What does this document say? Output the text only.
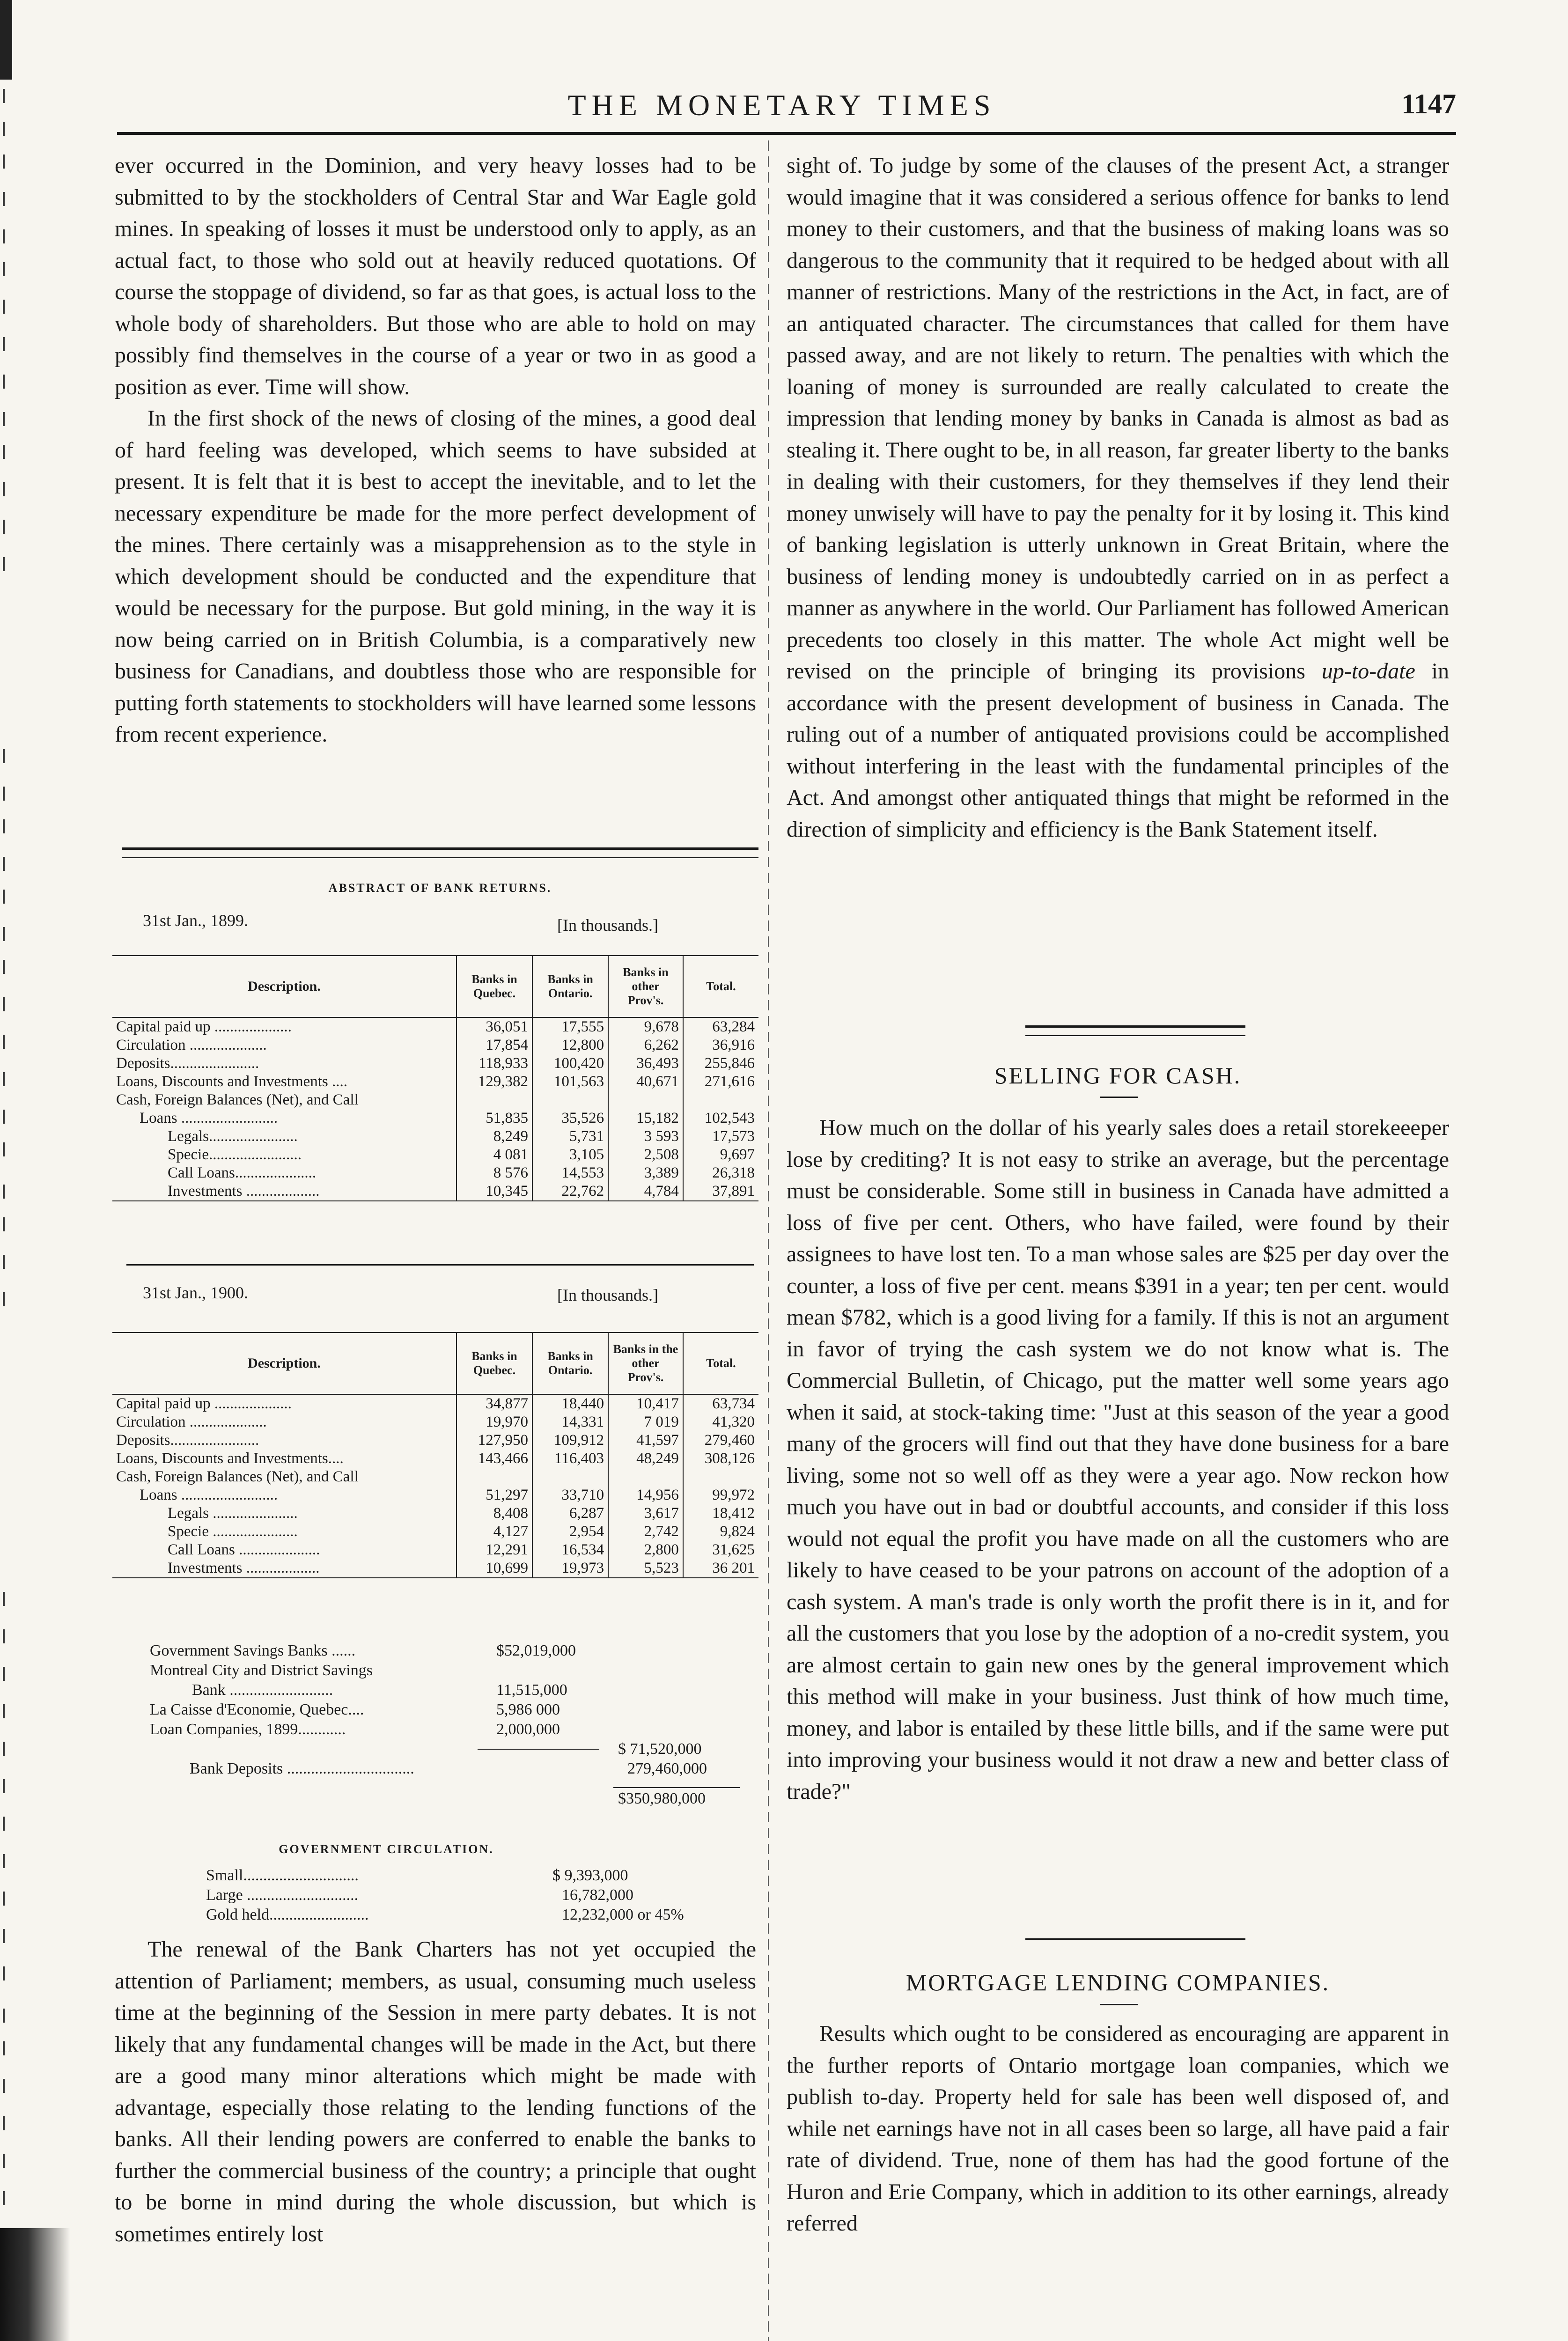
THE MONETARY TIMES	1147

ever occurred in the Dominion, and very heavy losses had to be submitted to by the stockholders of Central Star and War Eagle gold mines. In speaking of losses it must be understood only to apply, as an actual fact, to those who sold out at heavily reduced quotations. Of course the stoppage of dividend, so far as that goes, is actual loss to the whole body of shareholders. But those who are able to hold on may possibly find themselves in the course of a year or two in as good a position as ever. Time will show.

In the first shock of the news of closing of the mines, a good deal of hard feeling was developed, which seems to have subsided at present. It is felt that it is best to accept the inevitable, and to let the necessary expenditure be made for the more perfect development of the mines. There certainly was a misapprehension as to the style in which development should be conducted and the expenditure that would be necessary for the purpose. But gold mining, in the way it is now being carried on in British Columbia, is a comparatively new business for Canadians, and doubtless those who are responsible for putting forth statements to stockholders will have learned some lessons from recent experience.

ABSTRACT OF BANK RETURNS.
31st Jan., 1899.	[In thousands.]
Description.	Banks in Quebec.	Banks in Ontario.	Banks in other Prov's.	Total.
Capital paid up ....................	36,051	17,555	9,678	63,284
Circulation ....................	17,854	12,800	6,262	36,916
Deposits.......................	118,933	100,420	36,493	255,846
Loans, Discounts and Investments ....	129,382	101,563	40,671	271,616
Cash, Foreign Balances (Net), and Call				
Loans .........................	51,835	35,526	15,182	102,543
Legals.......................	8,249	5,731	3 593	17,573
Specie........................	4 081	3,105	2,508	9,697
Call Loans.....................	8 576	14,553	3,389	26,318
Investments ...................	10,345	22,762	4,784	37,891
31st Jan., 1900.	[In thousands.]
Description.	Banks in Quebec.	Banks in Ontario.	Banks in the other Prov's.	Total.
Capital paid up ....................	34,877	18,440	10,417	63,734
Circulation ....................	19,970	14,331	7 019	41,320
Deposits.......................	127,950	109,912	41,597	279,460
Loans, Discounts and Investments....	143,466	116,403	48,249	308,126
Cash, Foreign Balances (Net), and Call				
Loans .........................	51,297	33,710	14,956	99,972
Legals ......................	8,408	6,287	3,617	18,412
Specie ......................	4,127	2,954	2,742	9,824
Call Loans .....................	12,291	16,534	2,800	31,625
Investments ...................	10,699	19,973	5,523	36 201
Government Savings Banks ......	$52,019,000
Montreal City and District Savings
Bank ..........................	11,515,000
La Caisse d'Economie, Quebec....	5,986 000
Loan Companies, 1899............	2,000,000
$ 71,520,000
Bank Deposits ................................	279,460,000
$350,980,000
GOVERNMENT CIRCULATION.
Small.............................	$ 9,393,000
Large ............................	16,782,000
Gold held.........................	12,232,000 or 45%

The renewal of the Bank Charters has not yet occupied the attention of Parliament; members, as usual, consuming much useless time at the beginning of the Session in mere party debates. It is not likely that any fundamental changes will be made in the Act, but there are a good many minor alterations which might be made with advantage, especially those relating to the lending functions of the banks. All their lending powers are conferred to enable the banks to further the commercial business of the country; a principle that ought to be borne in mind during the whole discussion, but which is sometimes entirely lost

sight of. To judge by some of the clauses of the present Act, a stranger would imagine that it was considered a serious offence for banks to lend money to their customers, and that the business of making loans was so dangerous to the community that it required to be hedged about with all manner of restrictions. Many of the restrictions in the Act, in fact, are of an antiquated character. The circumstances that called for them have passed away, and are not likely to return. The penalties with which the loaning of money is surrounded are really calculated to create the impression that lending money by banks in Canada is almost as bad as stealing it. There ought to be, in all reason, far greater liberty to the banks in dealing with their customers, for they themselves if they lend their money unwisely will have to pay the penalty for it by losing it. This kind of banking legislation is utterly unknown in Great Britain, where the business of lending money is undoubtedly carried on in as perfect a manner as anywhere in the world. Our Parliament has followed American precedents too closely in this matter. The whole Act might well be revised on the principle of bringing its provisions up-to-date in accordance with the present development of business in Canada. The ruling out of a number of antiquated provisions could be accomplished without interfering in the least with the fundamental principles of the Act. And amongst other antiquated things that might be reformed in the direction of simplicity and efficiency is the Bank Statement itself.

SELLING FOR CASH.

How much on the dollar of his yearly sales does a retail storekeeeper lose by crediting? It is not easy to strike an average, but the percentage must be considerable. Some still in business in Canada have admitted a loss of five per cent. Others, who have failed, were found by their assignees to have lost ten. To a man whose sales are $25 per day over the counter, a loss of five per cent. means $391 in a year; ten per cent. would mean $782, which is a good living for a family. If this is not an argument in favor of trying the cash system we do not know what is. The Commercial Bulletin, of Chicago, put the matter well some years ago when it said, at stock-taking time: "Just at this season of the year a good many of the grocers will find out that they have done business for a bare living, some not so well off as they were a year ago. Now reckon how much you have out in bad or doubtful accounts, and consider if this loss would not equal the profit you have made on all the customers who are likely to have ceased to be your patrons on account of the adoption of a cash system. A man's trade is only worth the profit there is in it, and for all the customers that you lose by the adoption of a no-credit system, you are almost certain to gain new ones by the general improvement which this method will make in your business. Just think of how much time, money, and labor is entailed by these little bills, and if the same were put into improving your business would it not draw a new and better class of trade?"

MORTGAGE LENDING COMPANIES.

Results which ought to be considered as encouraging are apparent in the further reports of Ontario mortgage loan companies, which we publish to-day. Property held for sale has been well disposed of, and while net earnings have not in all cases been so large, all have paid a fair rate of dividend. True, none of them has had the good fortune of the Huron and Erie Company, which in addition to its other earnings, already referred
